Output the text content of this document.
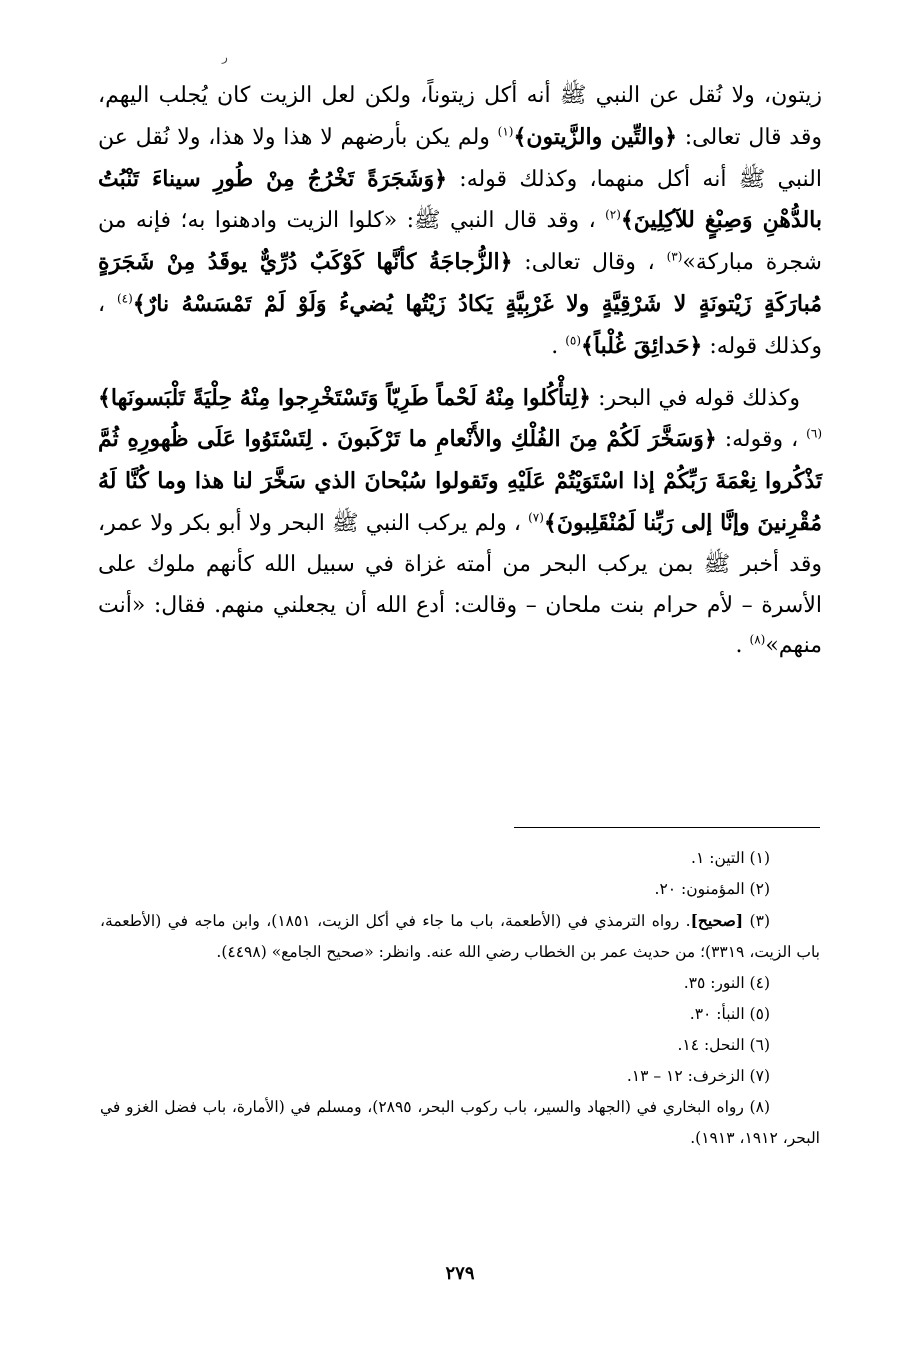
ر

زيتون، ولا نُقل عن النبي ﷺ أنه أكل زيتوناً، ولكن لعل الزيت كان يُجلب اليهم، وقد قال تعالى: ﴿والتِّين والزَّيتون﴾$^{(١)}$ ولم يكن بأرضهم لا هذا ولا هذا، ولا نُقل عن النبي ﷺ أنه أكل منهما، وكذلك قوله: ﴿وَشَجَرَةً تَخْرُجُ مِنْ طُورِ سيناءَ تَنْبُتُ بالدُّهْنِ وَصِبْغٍ للآكِلِينَ﴾$^{(٢)}$ ، وقد قال النبي ﷺ: «كلوا الزيت وادهنوا به؛ فإنه من شجرة مباركة»$^{(٣)}$ ، وقال تعالى: ﴿الزُّجاجَةُ كأنَّها كَوْكَبٌ دُرِّيٌّ يوقَدُ مِنْ شَجَرَةٍ مُبارَكَةٍ زَيْتونَةٍ لا شَرْقِيَّةٍ ولا غَرْبِيَّةٍ يَكادُ زَيْتُها يُضيءُ وَلَوْ لَمْ تَمْسَسْهُ نارٌ﴾$^{(٤)}$ ، وكذلك قوله: ﴿حَدائِقَ غُلْباً﴾$^{(٥)}$ .

وكذلك قوله في البحر: ﴿لِتأْكُلوا مِنْهُ لَحْماً طَرِيّاً وَتَسْتَخْرِجوا مِنْهُ حِلْيَةً تَلْبَسونَها﴾$^{(٦)}$ ، وقوله: ﴿وَسَخَّرَ لَكُمْ مِنَ الفُلْكِ والأَنْعامِ ما تَرْكَبونَ . لِتَسْتَوُوا عَلَى ظُهورِهِ ثُمَّ تَذْكُروا نِعْمَةَ رَبِّكُمْ إذا اسْتَوَيْتُمْ عَلَيْهِ وتَقولوا سُبْحانَ الذي سَخَّرَ لنا هذا وما كُنَّا لَهُ مُقْرِنينَ وإنَّا إلى رَبِّنا لَمُنْقَلِبونَ﴾$^{(٧)}$ ، ولم يركب النبي ﷺ البحر ولا أبو بكر ولا عمر، وقد أخبر ﷺ بمن يركب البحر من أمته غزاة في سبيل الله كأنهم ملوك على الأسرة – لأم حرام بنت ملحان – وقالت: أدع الله أن يجعلني منهم. فقال: «أنت منهم»$^{(٨)}$ .

(١) التين: ١.

(٢) المؤمنون: ٢٠.

(٣) [صحيح]. رواه الترمذي في (الأطعمة، باب ما جاء في أكل الزيت، ١٨٥١)، وابن ماجه في (الأطعمة، باب الزيت، ٣٣١٩)؛ من حديث عمر بن الخطاب رضي الله عنه. وانظر: «صحيح الجامع» (٤٤٩٨).

(٤) النور: ٣٥.

(٥) النبأ: ٣٠.

(٦) النحل: ١٤.

(٧) الزخرف: ١٢ – ١٣.

(٨) رواه البخاري في (الجهاد والسير، باب ركوب البحر، ٢٨٩٥)، ومسلم في (الأمارة، باب فضل الغزو في البحر، ١٩١٢، ١٩١٣).

٢٧٩
